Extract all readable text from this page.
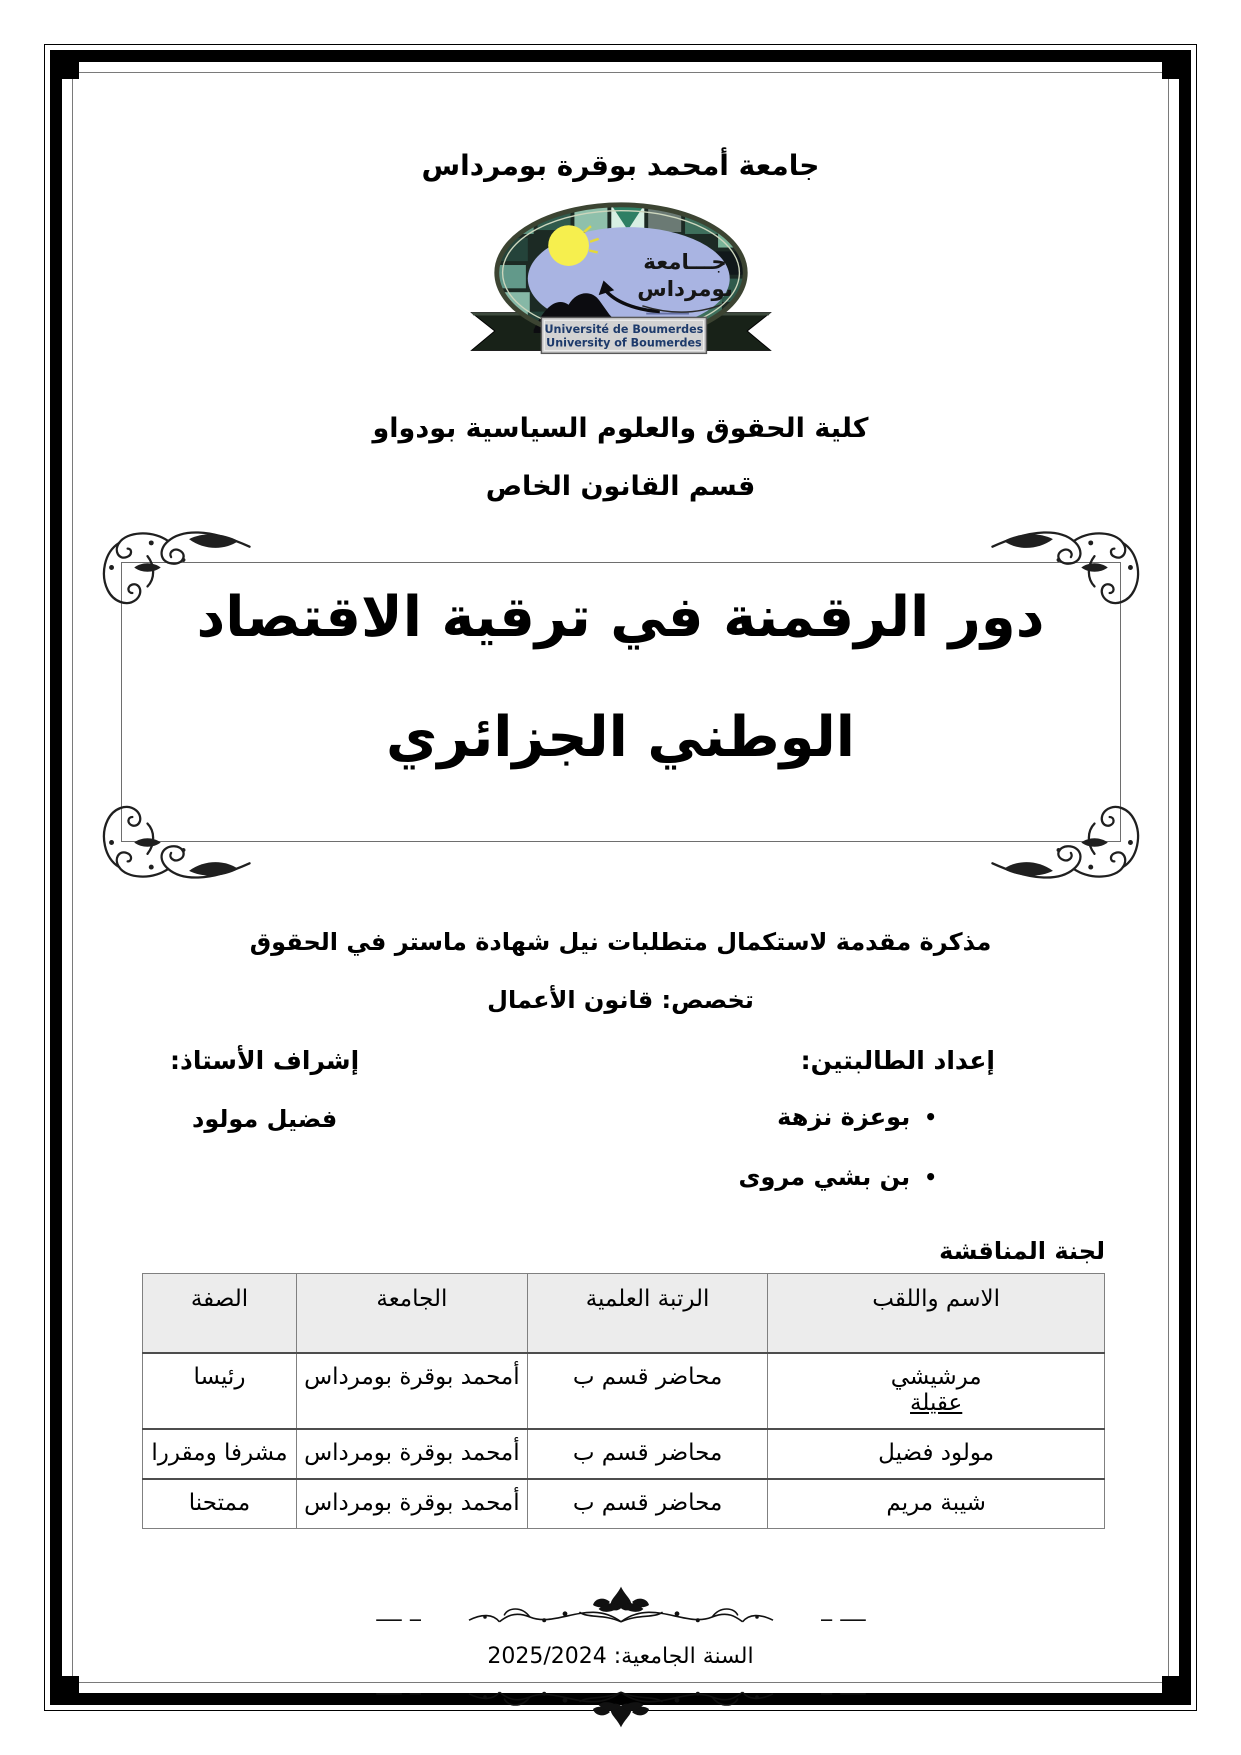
جامعة أمحمد بوقرة بومرداس

جـــامعة
بومرداس
Université de Boumerdes
University of Boumerdes

كلية الحقوق والعلوم السياسية بودواو

قسم القانون الخاص

دور الرقمنة في ترقية الاقتصاد
الوطني الجزائري

مذكرة مقدمة لاستكمال متطلبات نيل شهادة ماستر في الحقوق

تخصص: قانون الأعمال

إعداد الطالبتين:
•
بوعزة نزهة
•
بن بشي مروى
إشراف الأستاذ:
فضيل مولود

لجنة المناقشة

الاسم واللقب	الرتبة العلمية	الجامعة	الصفة
مرشيشي
عقيلة	محاضر قسم ب	أمحمد بوقرة بومرداس	رئيسا
مولود فضيل	محاضر قسم ب	أمحمد بوقرة بومرداس	مشرفا ومقررا
شيبة مريم	محاضر قسم ب	أمحمد بوقرة بومرداس	ممتحنا

السنة الجامعية: 2025/2024
